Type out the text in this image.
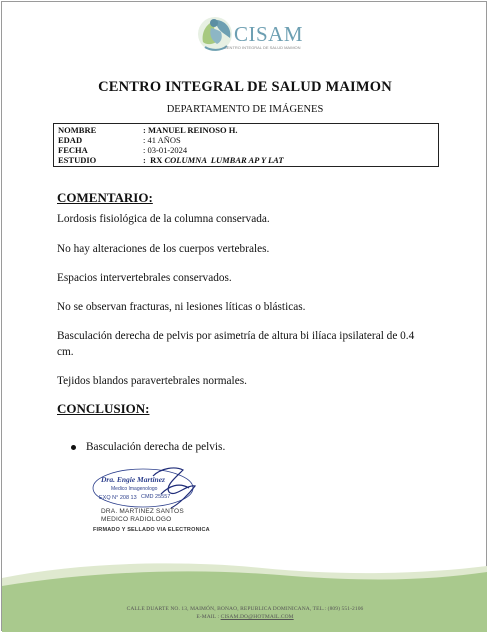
CISAM
CENTRO INTEGRAL DE SALUD MAIMON
CENTRO INTEGRAL DE SALUD MAIMON
DEPARTAMENTO DE IMÁGENES
NOMBRE	: MANUEL REINOSO H.
EDAD	: 41 AÑOS
FECHA	: 03-01-2024
ESTUDIO	:  RX COLUMNA  LUMBAR AP Y LAT
COMENTARIO:
Lordosis fisiológica de la columna conservada.
No hay alteraciones de los cuerpos vertebrales.
Espacios intervertebrales conservados.
No se observan fracturas, ni lesiones líticas o blásticas.
Basculación derecha de pelvis por asimetría de altura bi ilíaca ipsilateral de 0.4 cm.
Tejidos blandos paravertebrales normales.
CONCLUSION:
Basculación derecha de pelvis.
Dra. Engie Martinez
Medico Imagenologo
EXQ N° 208 13 CMD 25557
DRA. MARTINEZ SANTOS
MEDICO RADIOLOGO
FIRMADO Y SELLADO VIA ELECTRONICA
CALLE DUARTE NO. 13, MAIMÓN, BONAO, REPUBLICA DOMINICANA, TEL.: (809) 551-2106
E-MAIL : CISAM.DO@HOTMAIL.COM
